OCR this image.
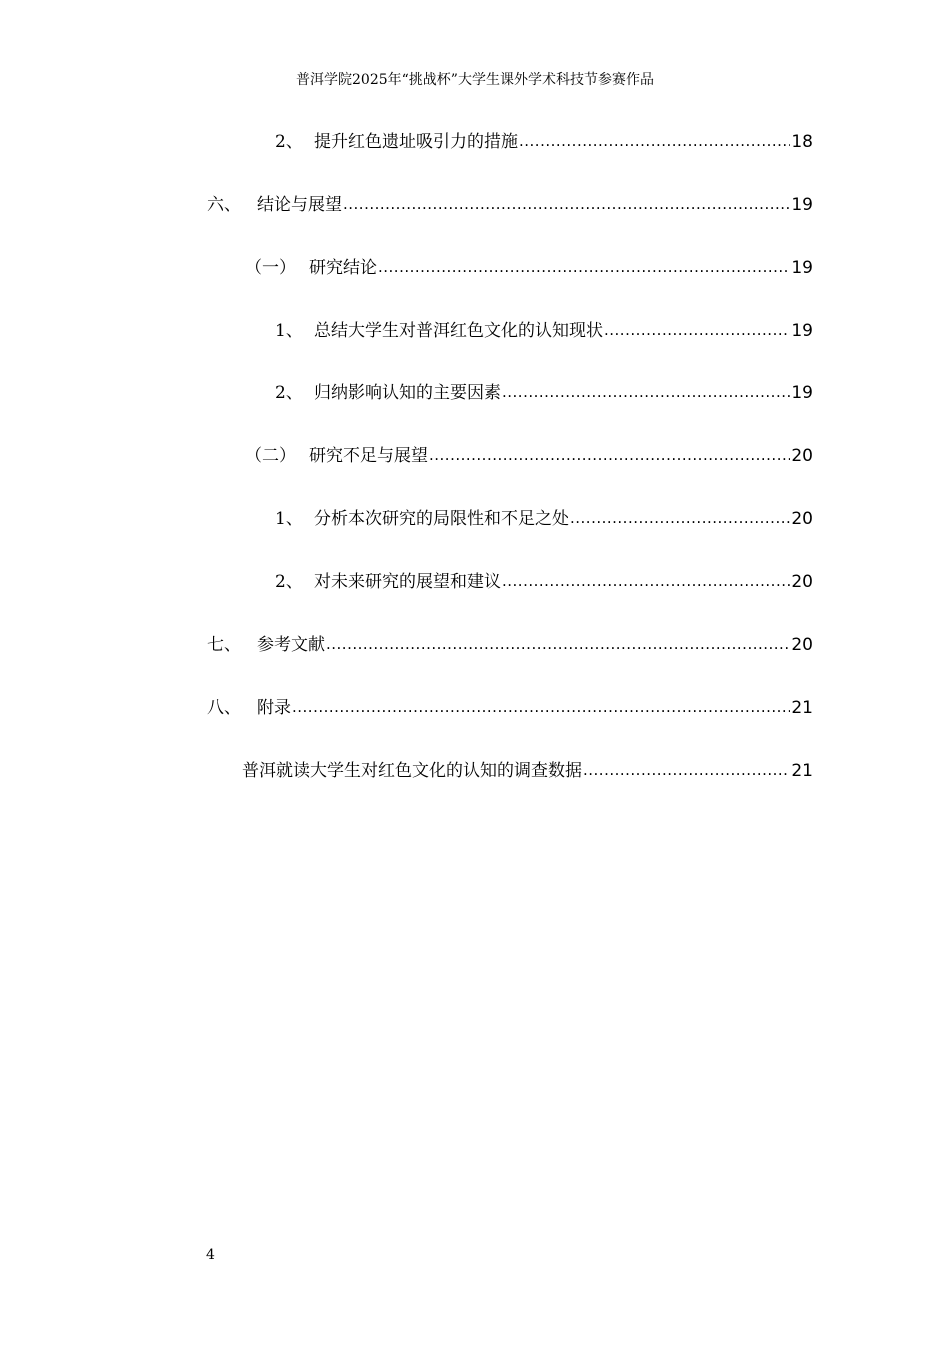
普洱学院2025年“挑战杯”大学生课外学术科技节参赛作品
2、 提升红色遗址吸引力的措施 .....	18
六、 结论与展望 .....	19
（一） 研究结论 .....	19
1、 总结大学生对普洱红色文化的认知现状 .....	19
2、 归纳影响认知的主要因素 .....	19
（二） 研究不足与展望 .....	20
1、 分析本次研究的局限性和不足之处 .....	20
2、 对未来研究的展望和建议 .....	20
七、 参考文献 .....	20
八、 附录 .....	21
普洱就读大学生对红色文化的认知的调查数据 .....	21
4
